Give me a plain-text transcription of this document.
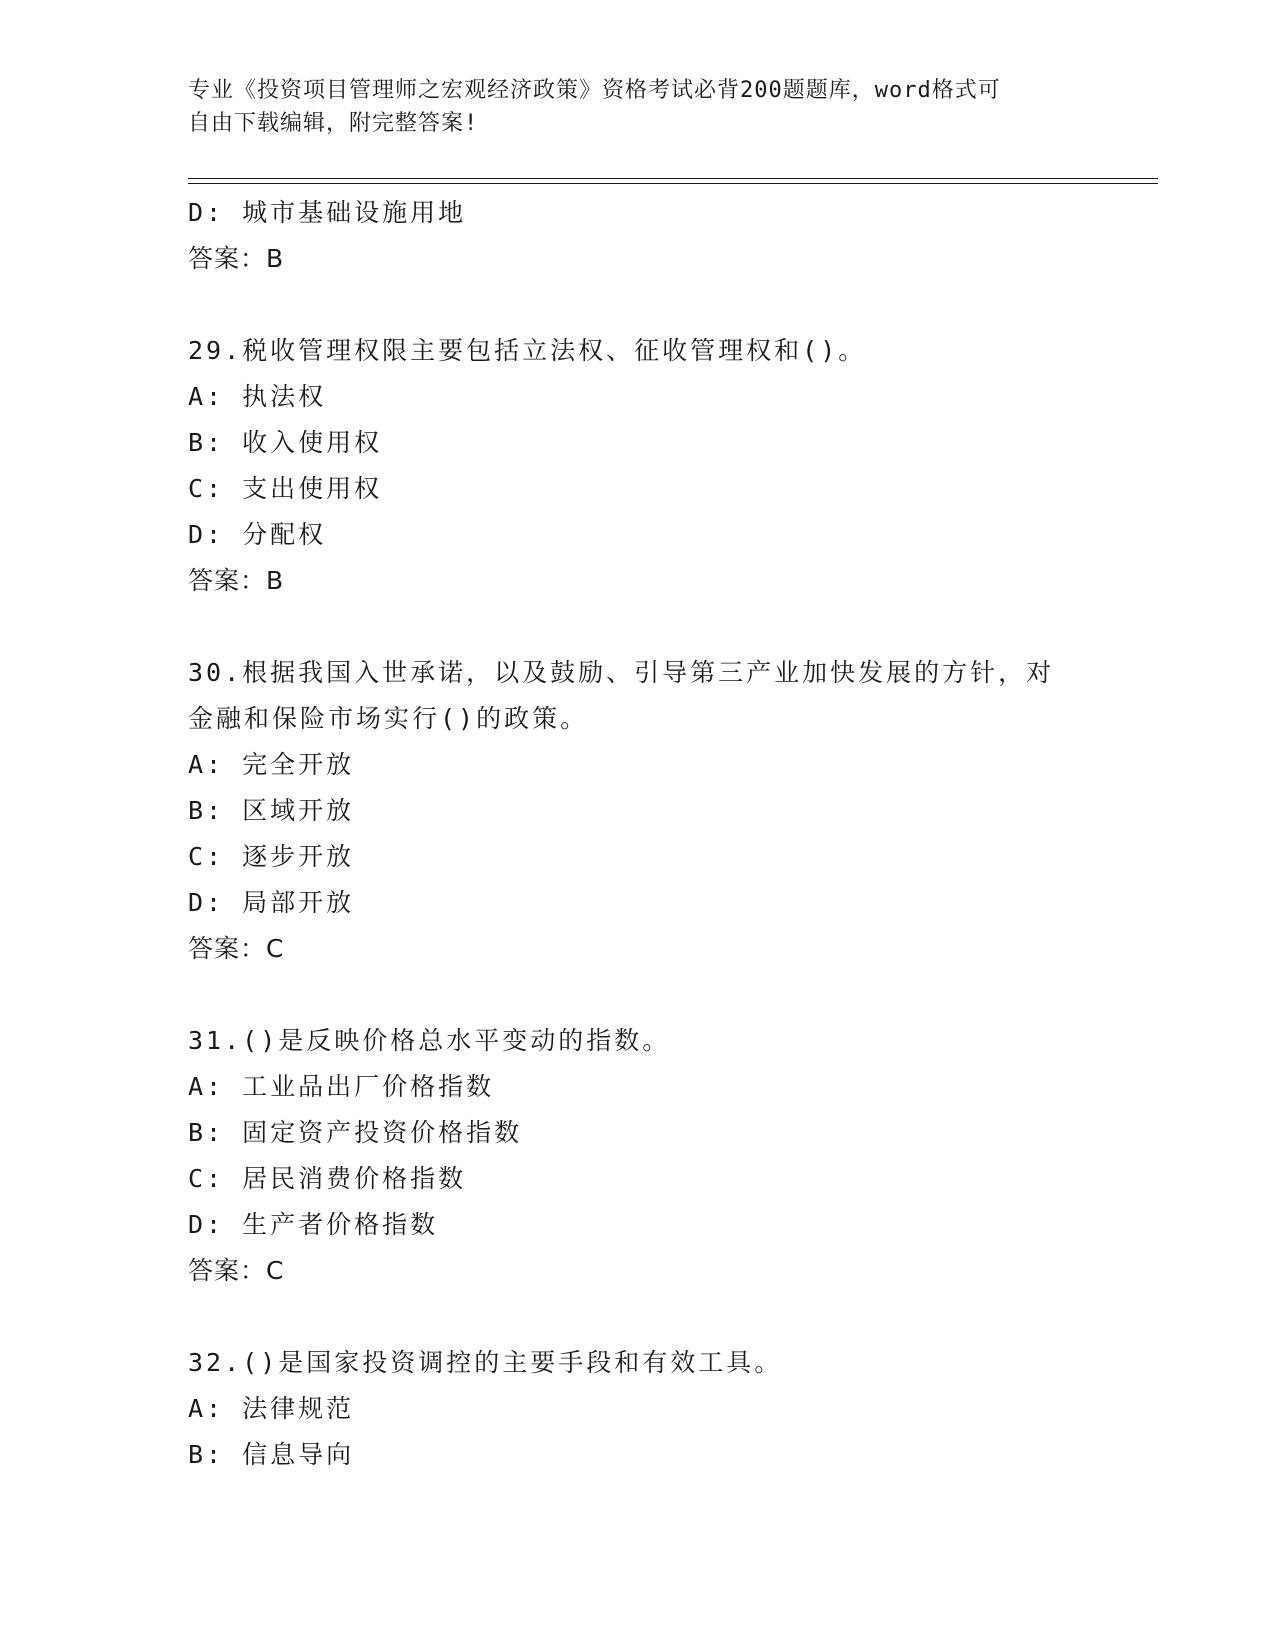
专业《投资项目管理师之宏观经济政策》资格考试必背200题题库，word格式可
自由下载编辑，附完整答案!
D: 城市基础设施用地
答案：B
29.税收管理权限主要包括立法权、征收管理权和()。
A: 执法权
B: 收入使用权
C: 支出使用权
D: 分配权
答案：B
30.根据我国入世承诺，以及鼓励、引导第三产业加快发展的方针，对
金融和保险市场实行()的政策。
A: 完全开放
B: 区域开放
C: 逐步开放
D: 局部开放
答案：C
31.()是反映价格总水平变动的指数。
A: 工业品出厂价格指数
B: 固定资产投资价格指数
C: 居民消费价格指数
D: 生产者价格指数
答案：C
32.()是国家投资调控的主要手段和有效工具。
A: 法律规范
B: 信息导向
